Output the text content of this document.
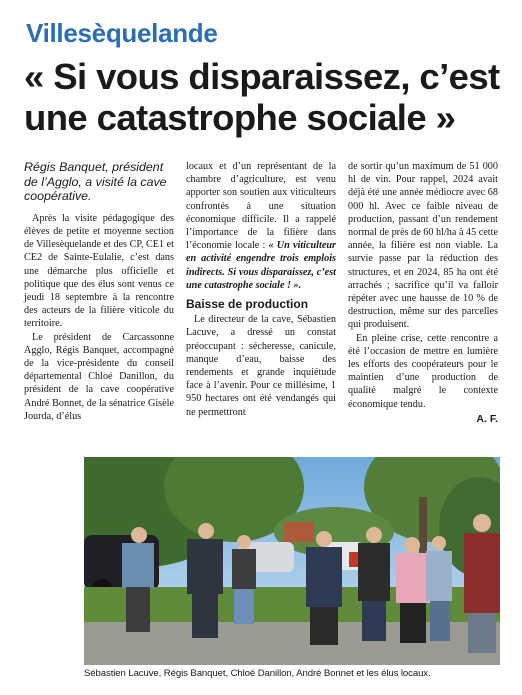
Villesèquelande
« Si vous disparaissez, c’est une catastrophe sociale »
Régis Banquet, président de l’Agglo, a visité la cave coopérative.

Après la visite pédagogique des élèves de petite et moyenne section de Villesèquelande et des CP, CE1 et CE2 de Sainte-Eulalie, c’est dans une démarche plus officielle et politique que des élus sont venus ce jeudi 18 septembre à la rencontre des acteurs de la filière viticole du territoire.

Le président de Carcassonne Agglo, Régis Banquet, accompagné de la vice-présidente du conseil départemental Chloé Danillon, du président de la cave coopérative André Bonnet, de la sénatrice Gisèle Jourda, d’élus

locaux et d’un représentant de la chambre d’agriculture, est venu apporter son soutien aux viticulteurs confrontés à une situation économique difficile. Il a rappelé l’importance de la filière dans l’économie locale : « Un viticulteur en activité engendre trois emplois indirects. Si vous disparaissez, c’est une catastrophe sociale ! ».

Baisse de production

Le directeur de la cave, Sébastien Lacuve, a dressé un constat préoccupant : sécheresse, canicule, manque d’eau, baisse des rendements et grande inquiétude face à l’avenir. Pour ce millésime, 1 950 hectares ont été vendangés qui ne permettront

de sortir qu’un maximum de 51 000 hl de vin. Pour rappel, 2024 avait déjà été une année médiocre avec 68 000 hl. Avec ce faible niveau de production, passant d’un rendement normal de près de 60 hl/ha à 45 cette année, la filière est non viable. La survie passe par la réduction des structures, et en 2024, 85 ha ont été arrachés ; sacrifice qu’il va falloir répéter avec une hausse de 10 % de destruction, même sur des parcelles qui produisent.

En pleine crise, cette rencontre a été l’occasion de mettre en lumière les efforts des coopérateurs pour le maintien d’une production de qualité malgré le contexte économique tendu.

A. F.
Sébastien Lacuve, Régis Banquet, Chloé Danillon, André Bonnet et les élus locaux.
